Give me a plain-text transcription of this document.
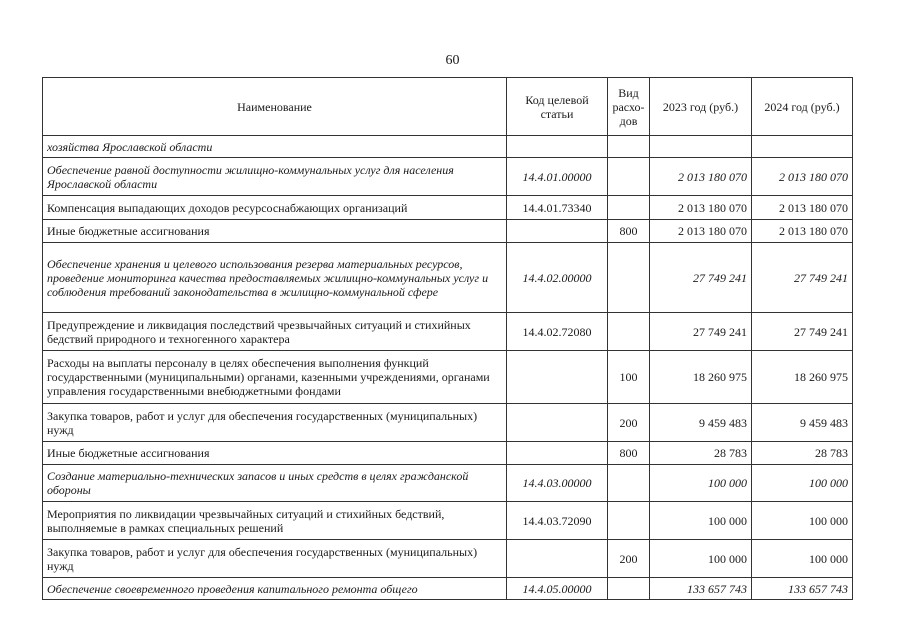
60
Наименование	Код целевой статьи	Вид расхо-дов	2023 год (руб.)	2024 год (руб.)
хозяйства Ярославской области				
Обеспечение равной доступности жилищно-коммунальных услуг для населения Ярославской области	14.4.01.00000		2 013 180 070	2 013 180 070
Компенсация выпадающих доходов ресурсоснабжающих организаций	14.4.01.73340		2 013 180 070	2 013 180 070
Иные бюджетные ассигнования		800	2 013 180 070	2 013 180 070
Обеспечение хранения и целевого использования резерва материальных ресурсов, проведение мониторинга качества предоставляемых жилищно-коммунальных услуг и соблюдения требований законодательства в жилищно-коммунальной сфере	14.4.02.00000		27 749 241	27 749 241
Предупреждение и ликвидация последствий чрезвычайных ситуаций и стихийных бедствий природного и техногенного характера	14.4.02.72080		27 749 241	27 749 241
Расходы на выплаты персоналу в целях обеспечения выполнения функций государственными (муниципальными) органами, казенными учреждениями, органами управления государственными внебюджетными фондами		100	18 260 975	18 260 975
Закупка товаров, работ и услуг для обеспечения государственных (муниципальных) нужд		200	9 459 483	9 459 483
Иные бюджетные ассигнования		800	28 783	28 783
Создание материально-технических запасов и иных средств в целях гражданской обороны	14.4.03.00000		100 000	100 000
Мероприятия по ликвидации чрезвычайных ситуаций и стихийных бедствий, выполняемые в рамках специальных решений	14.4.03.72090		100 000	100 000
Закупка товаров, работ и услуг для обеспечения государственных (муниципальных) нужд		200	100 000	100 000
Обеспечение своевременного проведения капитального ремонта общего	14.4.05.00000		133 657 743	133 657 743
